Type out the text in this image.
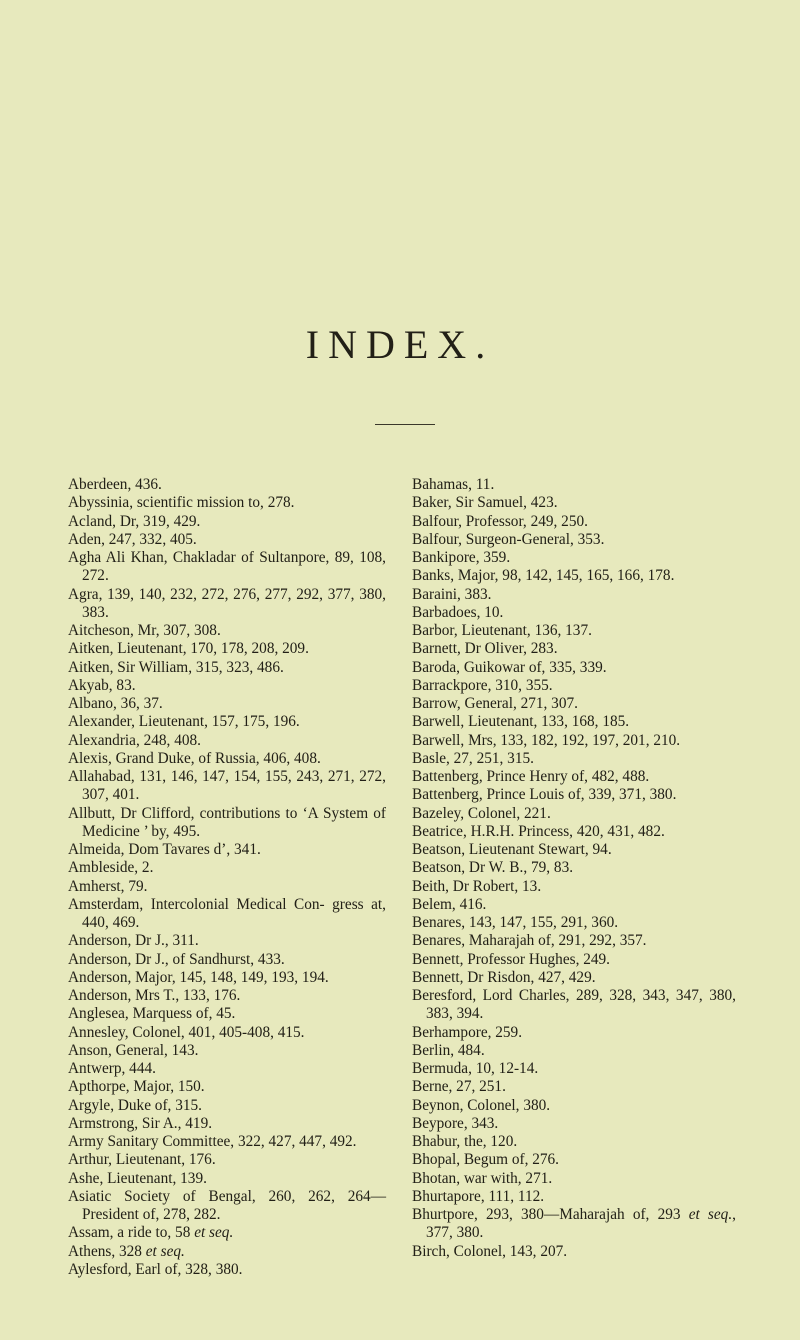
INDEX.
Aberdeen, 436.
Abyssinia, scientific mission to, 278.
Acland, Dr, 319, 429.
Aden, 247, 332, 405.
Agha Ali Khan, Chakladar of Sultanpore, 89, 108, 272.
Agra, 139, 140, 232, 272, 276, 277, 292, 377, 380, 383.
Aitcheson, Mr, 307, 308.
Aitken, Lieutenant, 170, 178, 208, 209.
Aitken, Sir William, 315, 323, 486.
Akyab, 83.
Albano, 36, 37.
Alexander, Lieutenant, 157, 175, 196.
Alexandria, 248, 408.
Alexis, Grand Duke, of Russia, 406, 408.
Allahabad, 131, 146, 147, 154, 155, 243, 271, 272, 307, 401.
Allbutt, Dr Clifford, contributions to ‘A System of Medicine ’ by, 495.
Almeida, Dom Tavares d’, 341.
Ambleside, 2.
Amherst, 79.
Amsterdam, Intercolonial Medical Con- gress at, 440, 469.
Anderson, Dr J., 311.
Anderson, Dr J., of Sandhurst, 433.
Anderson, Major, 145, 148, 149, 193, 194.
Anderson, Mrs T., 133, 176.
Anglesea, Marquess of, 45.
Annesley, Colonel, 401, 405-408, 415.
Anson, General, 143.
Antwerp, 444.
Apthorpe, Major, 150.
Argyle, Duke of, 315.
Armstrong, Sir A., 419.
Army Sanitary Committee, 322, 427, 447, 492.
Arthur, Lieutenant, 176.
Ashe, Lieutenant, 139.
Asiatic Society of Bengal, 260, 262, 264— President of, 278, 282.
Assam, a ride to, 58 et seq.
Athens, 328 et seq.
Aylesford, Earl of, 328, 380.
Bahamas, 11.
Baker, Sir Samuel, 423.
Balfour, Professor, 249, 250.
Balfour, Surgeon-General, 353.
Bankipore, 359.
Banks, Major, 98, 142, 145, 165, 166, 178.
Baraini, 383.
Barbadoes, 10.
Barbor, Lieutenant, 136, 137.
Barnett, Dr Oliver, 283.
Baroda, Guikowar of, 335, 339.
Barrackpore, 310, 355.
Barrow, General, 271, 307.
Barwell, Lieutenant, 133, 168, 185.
Barwell, Mrs, 133, 182, 192, 197, 201, 210.
Basle, 27, 251, 315.
Battenberg, Prince Henry of, 482, 488.
Battenberg, Prince Louis of, 339, 371, 380.
Bazeley, Colonel, 221.
Beatrice, H.R.H. Princess, 420, 431, 482.
Beatson, Lieutenant Stewart, 94.
Beatson, Dr W. B., 79, 83.
Beith, Dr Robert, 13.
Belem, 416.
Benares, 143, 147, 155, 291, 360.
Benares, Maharajah of, 291, 292, 357.
Bennett, Professor Hughes, 249.
Bennett, Dr Risdon, 427, 429.
Beresford, Lord Charles, 289, 328, 343, 347, 380, 383, 394.
Berhampore, 259.
Berlin, 484.
Bermuda, 10, 12-14.
Berne, 27, 251.
Beynon, Colonel, 380.
Beypore, 343.
Bhabur, the, 120.
Bhopal, Begum of, 276.
Bhotan, war with, 271.
Bhurtapore, 111, 112.
Bhurtpore, 293, 380—Maharajah of, 293 et seq., 377, 380.
Birch, Colonel, 143, 207.
